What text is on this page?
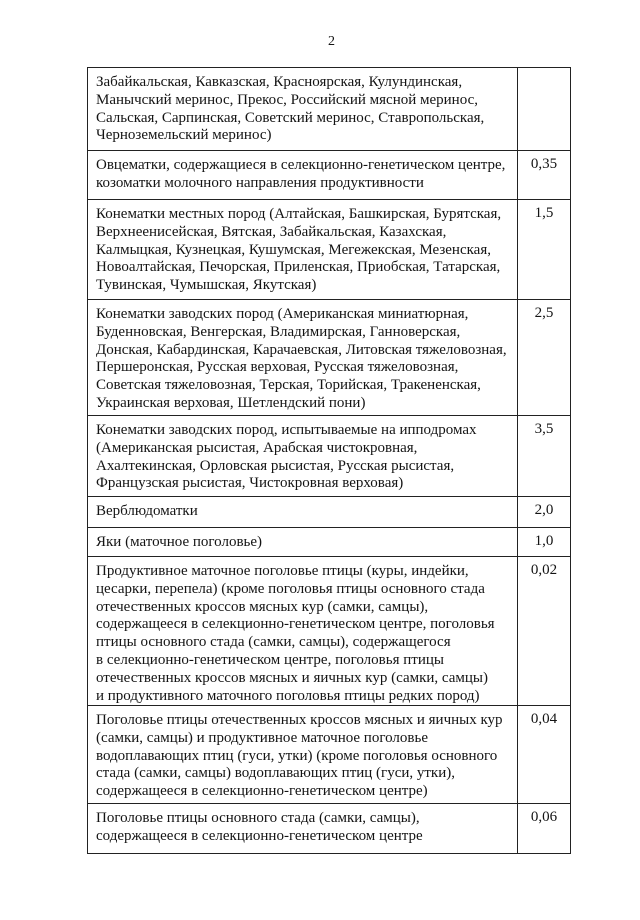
2
Забайкальская, Кавказская, Красноярская, Кулундинская,
Манычский меринос, Прекос, Российский мясной меринос,
Сальская, Сарпинская, Советский меринос, Ставропольская,
Черноземельский меринос)
Овцематки, содержащиеся в селекционно-генетическом центре,
козоматки молочного направления продуктивности
0,35
Конематки местных пород (Алтайская, Башкирская, Бурятская,
Верхнеенисейская, Вятская, Забайкальская, Казахская,
Калмыцкая, Кузнецкая, Кушумская, Мегежекская, Мезенская,
Новоалтайская, Печорская, Приленская, Приобская, Татарская,
Тувинская, Чумышская, Якутская)
1,5
Конематки заводских пород (Американская миниатюрная,
Буденновская, Венгерская, Владимирская, Ганноверская,
Донская, Кабардинская, Карачаевская, Литовская тяжеловозная,
Першеронская, Русская верховая, Русская тяжеловозная,
Советская тяжеловозная, Терская, Торийская, Тракененская,
Украинская верховая, Шетлендский пони)
2,5
Конематки заводских пород, испытываемые на ипподромах
(Американская рысистая, Арабская чистокровная,
Ахалтекинская, Орловская рысистая, Русская рысистая,
Французская рысистая, Чистокровная верховая)
3,5
Верблюдоматки	2,0
Яки (маточное поголовье)	1,0
Продуктивное маточное поголовье птицы (куры, индейки,
цесарки, перепела) (кроме поголовья птицы основного стада
отечественных кроссов мясных кур (самки, самцы),
содержащееся в селекционно-генетическом центре, поголовья
птицы основного стада (самки, самцы), содержащегося
в селекционно-генетическом центре, поголовья птицы
отечественных кроссов мясных и яичных кур (самки, самцы)
и продуктивного маточного поголовья птицы редких пород)
0,02
Поголовье птицы отечественных кроссов мясных и яичных кур
(самки, самцы) и продуктивное маточное поголовье
водоплавающих птиц (гуси, утки) (кроме поголовья основного
стада (самки, самцы) водоплавающих птиц (гуси, утки),
содержащееся в селекционно-генетическом центре)
0,04
Поголовье птицы основного стада (самки, самцы),
содержащееся в селекционно-генетическом центре
0,06
